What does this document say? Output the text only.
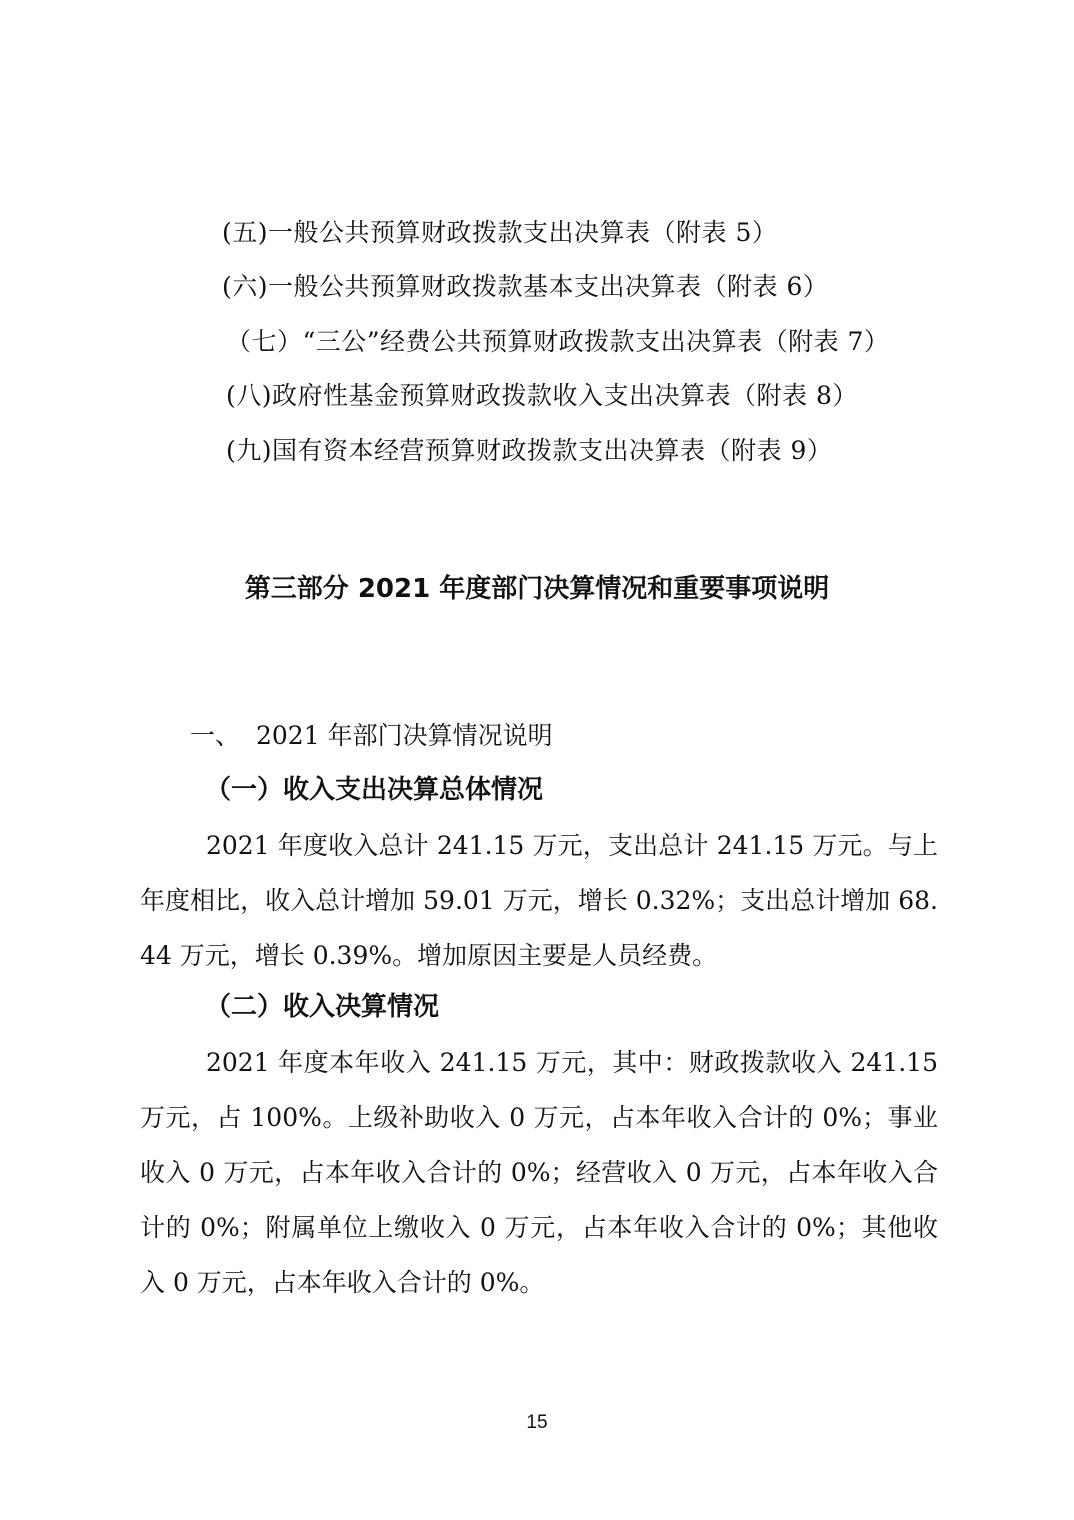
(五)一般公共预算财政拨款支出决算表（附表 5）
(六)一般公共预算财政拨款基本支出决算表（附表 6）
（七）“三公”经费公共预算财政拨款支出决算表（附表 7）
(八)政府性基金预算财政拨款收入支出决算表（附表 8）
(九)国有资本经营预算财政拨款支出决算表（附表 9）
第三部分 2021 年度部门决算情况和重要事项说明
一、 2021 年部门决算情况说明
（一）收入支出决算总体情况
2021 年度收入总计 241.15 万元，支出总计 241.15 万元。与上年度相比，收入总计增加 59.01 万元，增长 0.32%；支出总计增加 68.44 万元，增长 0.39%。增加原因主要是人员经费。
（二）收入决算情况
2021 年度本年收入 241.15 万元，其中：财政拨款收入 241.15 万元，占 100%。上级补助收入 0 万元，占本年收入合计的 0%；事业收入 0 万元，占本年收入合计的 0%；经营收入 0 万元，占本年收入合计的 0%；附属单位上缴收入 0 万元，占本年收入合计的 0%；其他收入 0 万元，占本年收入合计的 0%。
15
